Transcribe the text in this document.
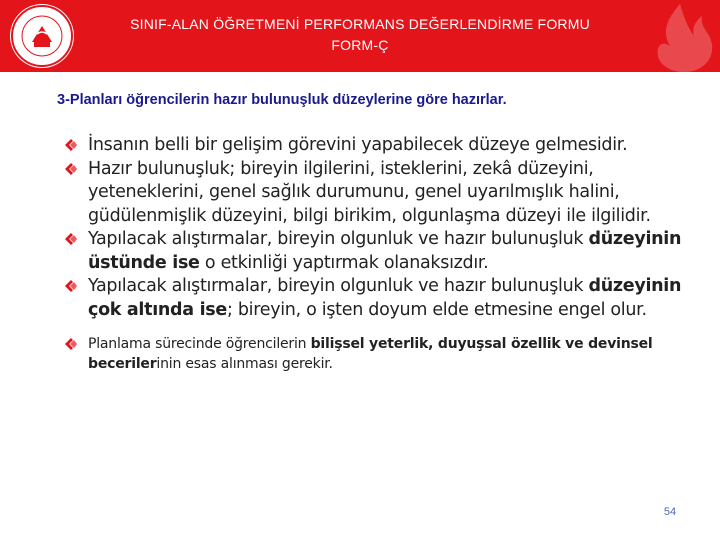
SINIF-ALAN ÖĞRETMENİ PERFORMANS DEĞERLENDİRME FORMU
FORM-Ç
3-Planları öğrencilerin hazır bulunuşluk düzeylerine göre hazırlar.
İnsanın belli bir gelişim görevini yapabilecek düzeye gelmesidir.
Hazır bulunuşluk; bireyin ilgilerini, isteklerini, zekâ düzeyini, yeteneklerini, genel sağlık durumunu, genel uyarılmışlık halini, güdülenmişlik düzeyini, bilgi birikim, olgunlaşma düzeyi ile ilgilidir.
Yapılacak alıştırmalar, bireyin olgunluk ve hazır bulunuşluk düzeyinin üstünde ise o etkinliği yaptırmak olanaksızdır.
Yapılacak alıştırmalar, bireyin olgunluk ve hazır bulunuşluk düzeyinin çok altında ise; bireyin, o işten doyum elde etmesine engel olur.
Planlama sürecinde öğrencilerin bilişsel yeterlik, duyuşsal özellik ve devinsel becerilerinin esas alınması gerekir.
54
